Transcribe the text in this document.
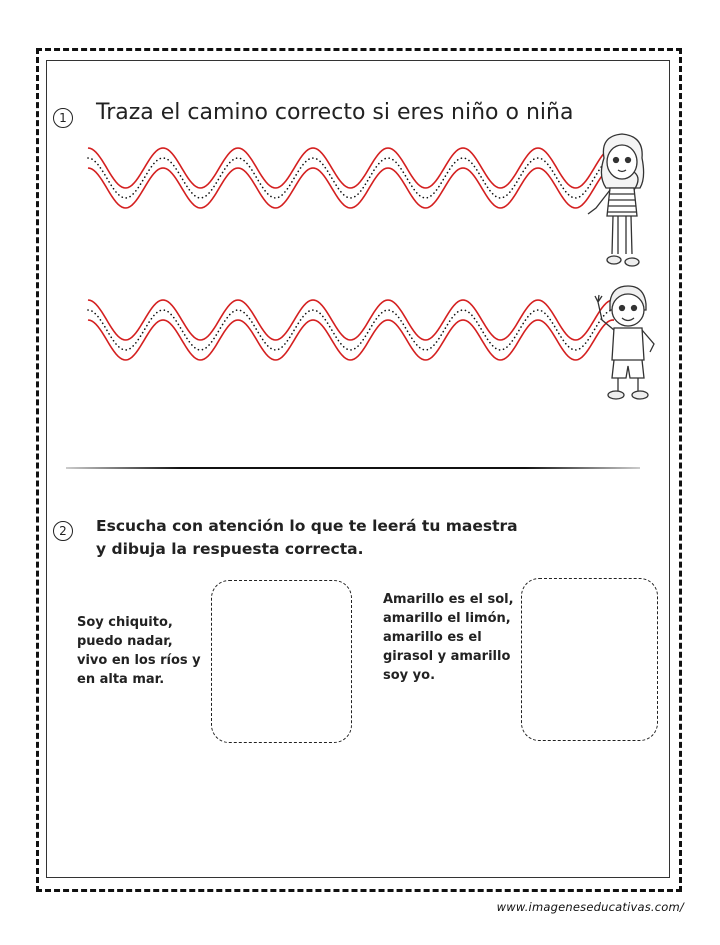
1 Traza el camino correcto si eres niño o niña
2	Escucha con atención lo que te leerá tu maestra
y dibuja la respuesta correcta.
Soy chiquito,
puedo nadar,
vivo en los ríos y
en alta mar.
Amarillo es el sol,
amarillo el limón,
amarillo es el
girasol y amarillo
soy yo.
www.imageneseducativas.com/
